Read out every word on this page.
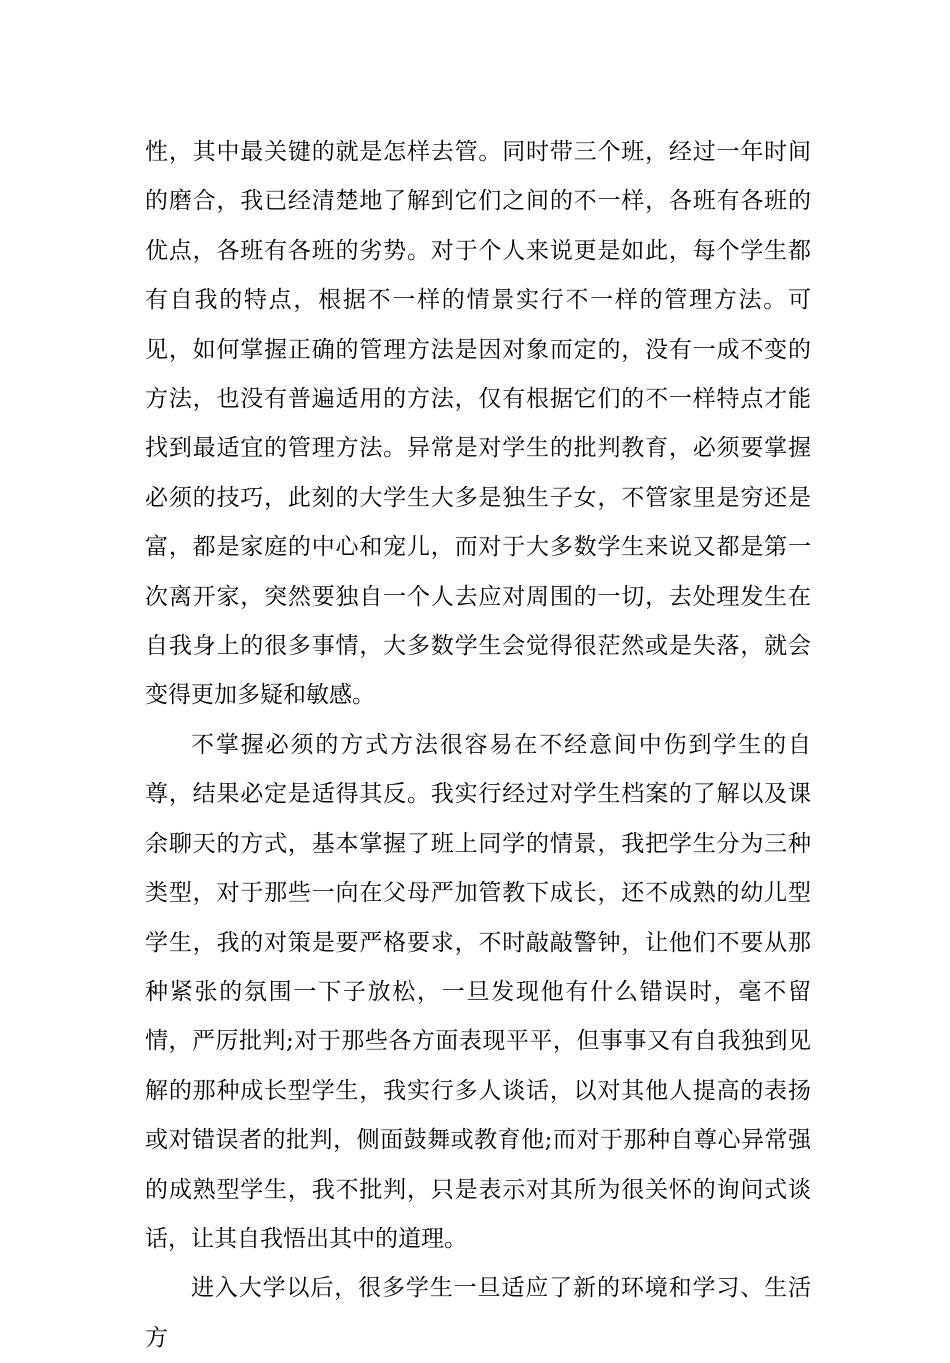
性，其中最关键的就是怎样去管。同时带三个班，经过一年时间的磨合，我已经清楚地了解到它们之间的不一样，各班有各班的优点，各班有各班的劣势。对于个人来说更是如此，每个学生都有自我的特点，根据不一样的情景实行不一样的管理方法。可见，如何掌握正确的管理方法是因对象而定的，没有一成不变的方法，也没有普遍适用的方法，仅有根据它们的不一样特点才能找到最适宜的管理方法。异常是对学生的批判教育，必须要掌握必须的技巧，此刻的大学生大多是独生子女，不管家里是穷还是富，都是家庭的中心和宠儿，而对于大多数学生来说又都是第一次离开家，突然要独自一个人去应对周围的一切，去处理发生在自我身上的很多事情，大多数学生会觉得很茫然或是失落，就会变得更加多疑和敏感。

不掌握必须的方式方法很容易在不经意间中伤到学生的自尊，结果必定是适得其反。我实行经过对学生档案的了解以及课余聊天的方式，基本掌握了班上同学的情景，我把学生分为三种类型，对于那些一向在父母严加管教下成长，还不成熟的幼儿型学生，我的对策是要严格要求，不时敲敲警钟，让他们不要从那种紧张的氛围一下子放松，一旦发现他有什么错误时，毫不留情，严厉批判;对于那些各方面表现平平，但事事又有自我独到见解的那种成长型学生，我实行多人谈话，以对其他人提高的表扬或对错误者的批判，侧面鼓舞或教育他;而对于那种自尊心异常强的成熟型学生，我不批判，只是表示对其所为很关怀的询问式谈话，让其自我悟出其中的道理。

进入大学以后，很多学生一旦适应了新的环境和学习、生活方
